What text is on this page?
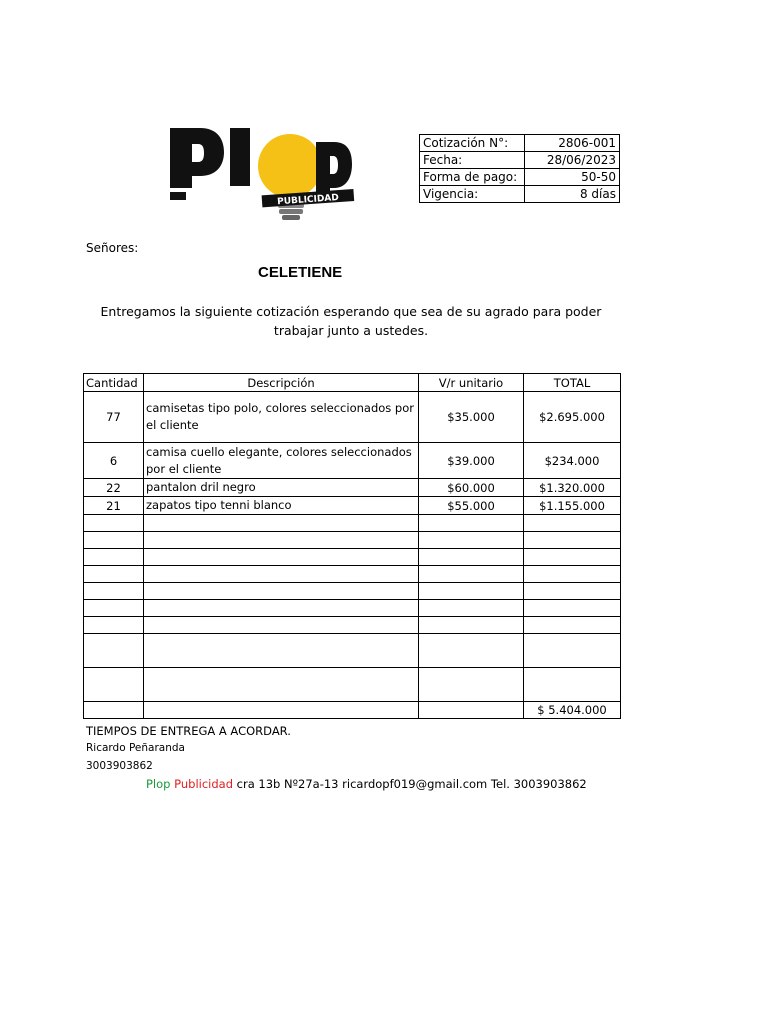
PUBLICIDAD
Cotización N°:	2806-001
Fecha:	28/06/2023
Forma de pago:	50-50
Vigencia:	8 días
Señores:
CELETIENE
Entregamos la siguiente cotización esperando que sea de su agrado para poder trabajar junto a ustedes.
Cantidad	Descripción	V/r unitario	TOTAL
77	camisetas tipo polo, colores seleccionados por el cliente	$35.000	$2.695.000
6	camisa cuello elegante, colores seleccionados por el cliente	$39.000	$234.000
22	pantalon dril negro	$60.000	$1.320.000
21	zapatos tipo tenni blanco	$55.000	$1.155.000

			$ 5.404.000
TIEMPOS DE ENTREGA A ACORDAR.
Ricardo Peñaranda
3003903862
Plop Publicidad cra 13b Nº27a-13 ricardopf019@gmail.com Tel. 3003903862
